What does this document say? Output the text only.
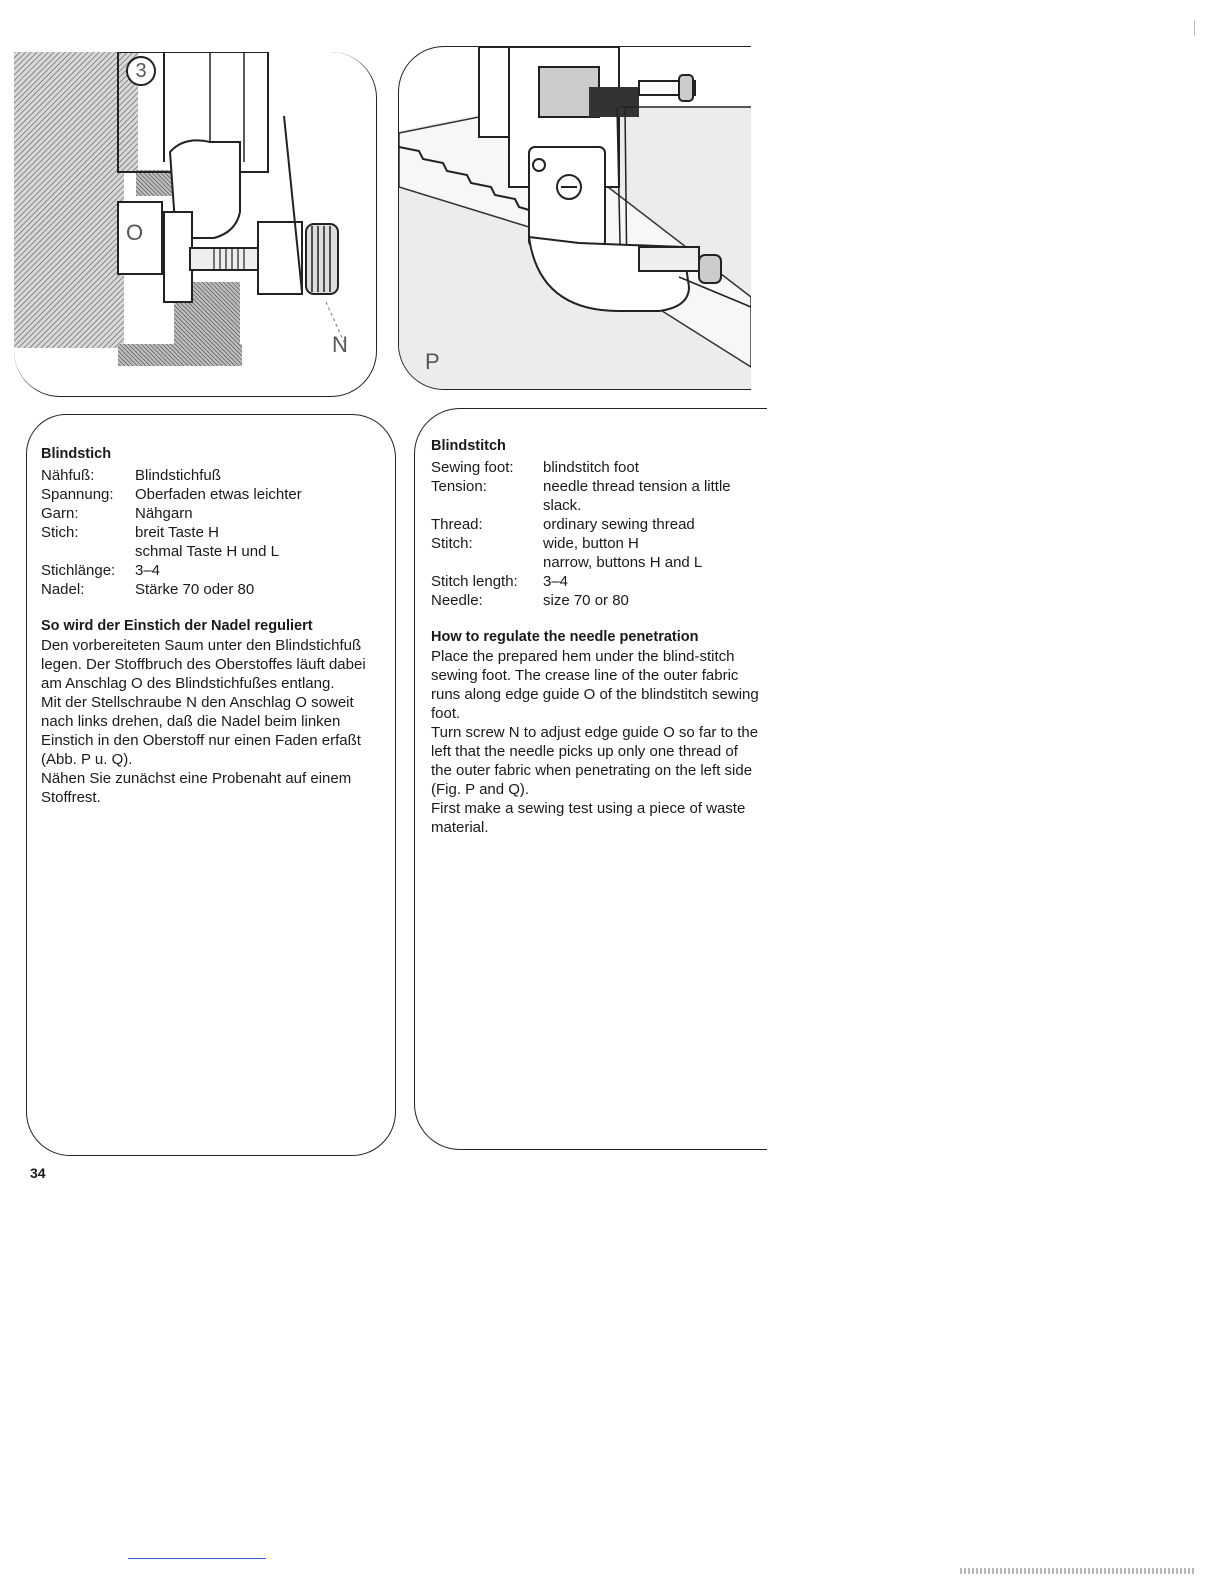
3
O
N
P
Blindstich
Nähfuß:	Blindstichfuß
Spannung:	Oberfaden etwas leichter
Garn:	Nähgarn
Stich:	breit Taste H
schmal Taste H und L
Stichlänge:	3–4
Nadel:	Stärke 70 oder 80
So wird der Einstich der Nadel reguliert

Den vorbereiteten Saum unter den Blindstichfuß legen. Der Stoffbruch des Oberstoffes läuft dabei am Anschlag O des Blindstichfußes entlang.

Mit der Stellschraube N den Anschlag O soweit nach links drehen, daß die Nadel beim linken Einstich in den Oberstoff nur einen Faden erfaßt (Abb. P u. Q).

Nähen Sie zunächst eine Probenaht auf einem Stoffrest.

Blindstitch
Sewing foot:	blindstitch foot
Tension:	needle thread tension a little slack.
Thread:	ordinary sewing thread
Stitch:	wide, button H
narrow, buttons H and L
Stitch length:	3–4
Needle:	size 70 or 80
How to regulate the needle penetration

Place the prepared hem under the blind-stitch sewing foot. The crease line of the outer fabric runs along edge guide O of the blindstitch sewing foot.

Turn screw N to adjust edge guide O so far to the left that the needle picks up only one thread of the outer fabric when penetrating on the left side (Fig. P and Q).

First make a sewing test using a piece of waste material.

34
